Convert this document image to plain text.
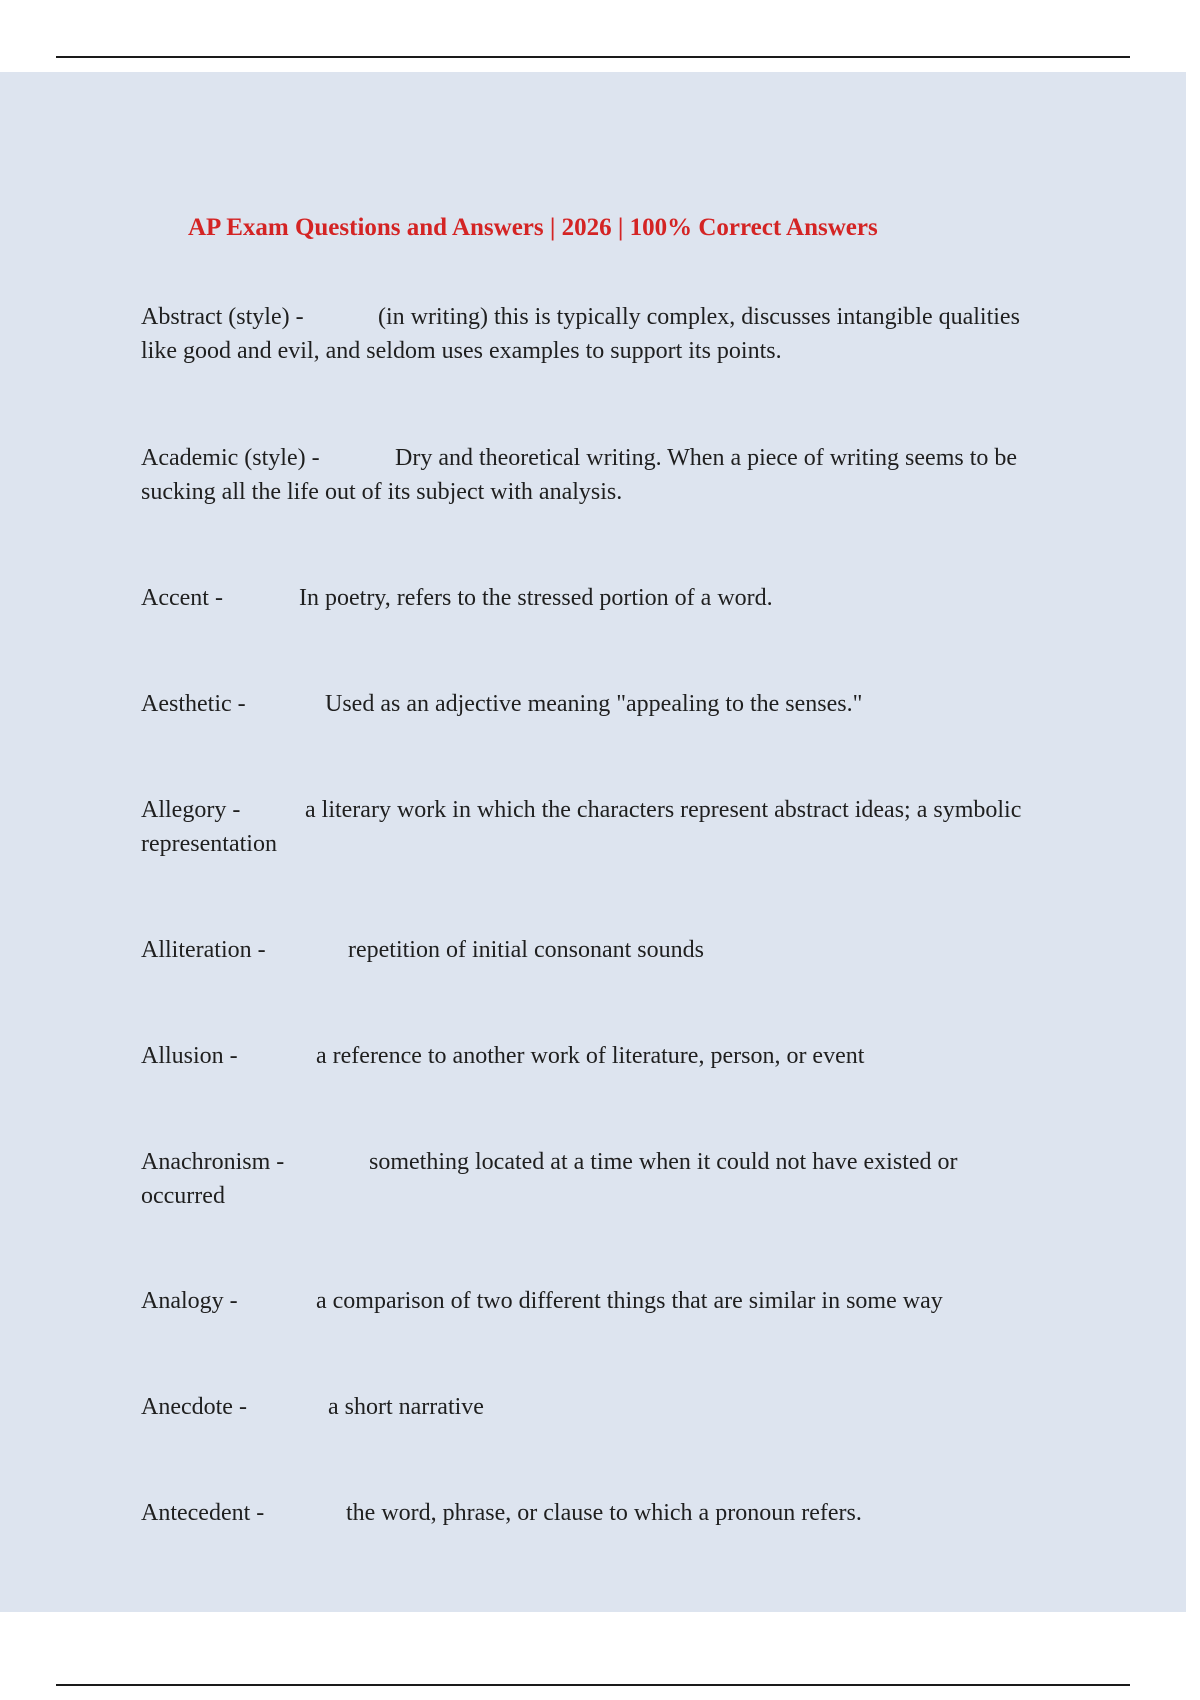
AP Exam Questions and Answers | 2026 | 100% Correct Answers
Abstract (style) -	(in writing) this is typically complex, discusses intangible qualities like good and evil, and seldom uses examples to support its points.
Academic (style) -	Dry and theoretical writing. When a piece of writing seems to be sucking all the life out of its subject with analysis.
Accent -	In poetry, refers to the stressed portion of a word.
Aesthetic -	Used as an adjective meaning "appealing to the senses."
Allegory -	a literary work in which the characters represent abstract ideas; a symbolic representation
Alliteration -	repetition of initial consonant sounds
Allusion -	a reference to another work of literature, person, or event
Anachronism -	something located at a time when it could not have existed or occurred
Analogy -	a comparison of two different things that are similar in some way
Anecdote -	a short narrative
Antecedent -	the word, phrase, or clause to which a pronoun refers.
